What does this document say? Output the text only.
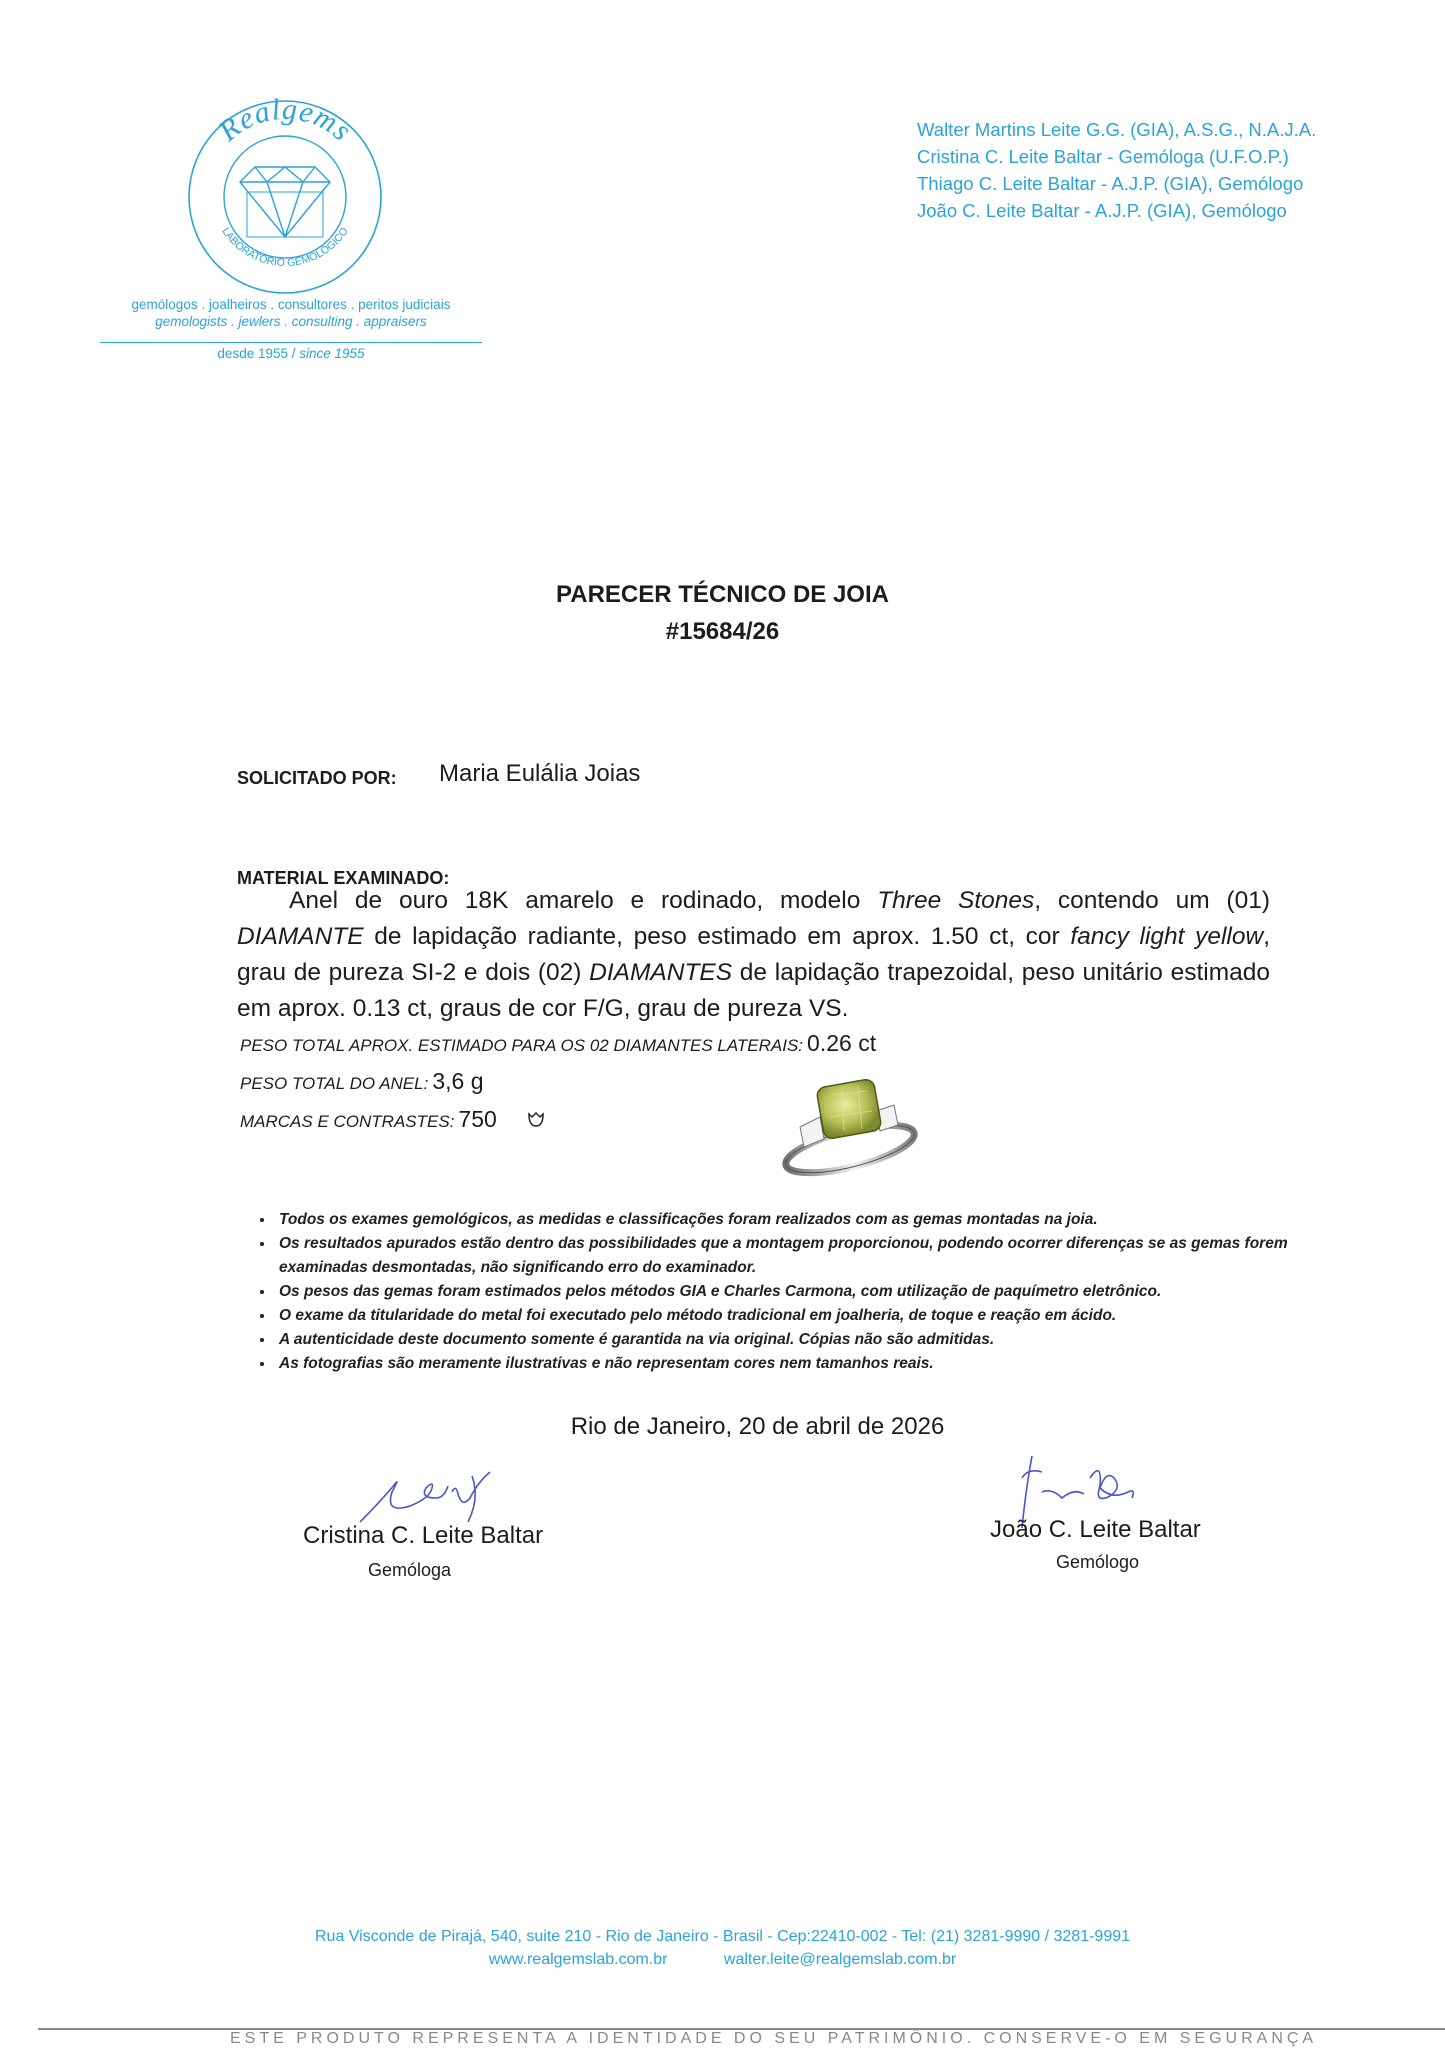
Realgems
LABORATÓRIO GEMOLÓGICO
gemólogos . joalheiros . consultores . peritos judiciais
gemologists . jewlers . consulting . appraisers
desde 1955 / since 1955
Walter Martins Leite G.G. (GIA), A.S.G., N.A.J.A.
Cristina C. Leite Baltar - Gemóloga (U.F.O.P.)
Thiago C. Leite Baltar - A.J.P. (GIA), Gemólogo
João C. Leite Baltar - A.J.P. (GIA), Gemólogo
PARECER TÉCNICO DE JOIA
#15684/26
SOLICITADO POR: Maria Eulália Joias
MATERIAL EXAMINADO:

Anel de ouro 18K amarelo e rodinado, modelo Three Stones, contendo um (01) DIAMANTE de lapidação radiante, peso estimado em aprox. 1.50 ct, cor fancy light yellow, grau de pureza SI-2 e dois (02) DIAMANTES de lapidação trapezoidal, peso unitário estimado em aprox. 0.13 ct, graus de cor F/G, grau de pureza VS.

PESO TOTAL APROX. ESTIMADO PARA OS 02 DIAMANTES LATERAIS: 0.26 ct
PESO TOTAL DO ANEL: 3,6 g
MARCAS E CONTRASTES: 750
• Todos os exames gemológicos, as medidas e classificações foram realizados com as gemas montadas na joia.
• Os resultados apurados estão dentro das possibilidades que a montagem proporcionou, podendo ocorrer diferenças se as gemas forem examinadas desmontadas, não significando erro do examinador.
• Os pesos das gemas foram estimados pelos métodos GIA e Charles Carmona, com utilização de paquímetro eletrônico.
• O exame da titularidade do metal foi executado pelo método tradicional em joalheria, de toque e reação em ácido.
• A autenticidade deste documento somente é garantida na via original. Cópias não são admitidas.
• As fotografias são meramente ilustrativas e não representam cores nem tamanhos reais.
Rio de Janeiro, 20 de abril de 2026
Cristina C. Leite Baltar
Gemóloga
João C. Leite Baltar
Gemólogo
Rua Visconde de Pirajá, 540, suite 210 - Rio de Janeiro - Brasil - Cep:22410-002 - Tel: (21) 3281-9990 / 3281-9991
www.realgemslab.com.br	walter.leite@realgemslab.com.br
ESTE PRODUTO REPRESENTA A IDENTIDADE DO SEU PATRIMÔNIO. CONSERVE-O EM SEGURANÇA
